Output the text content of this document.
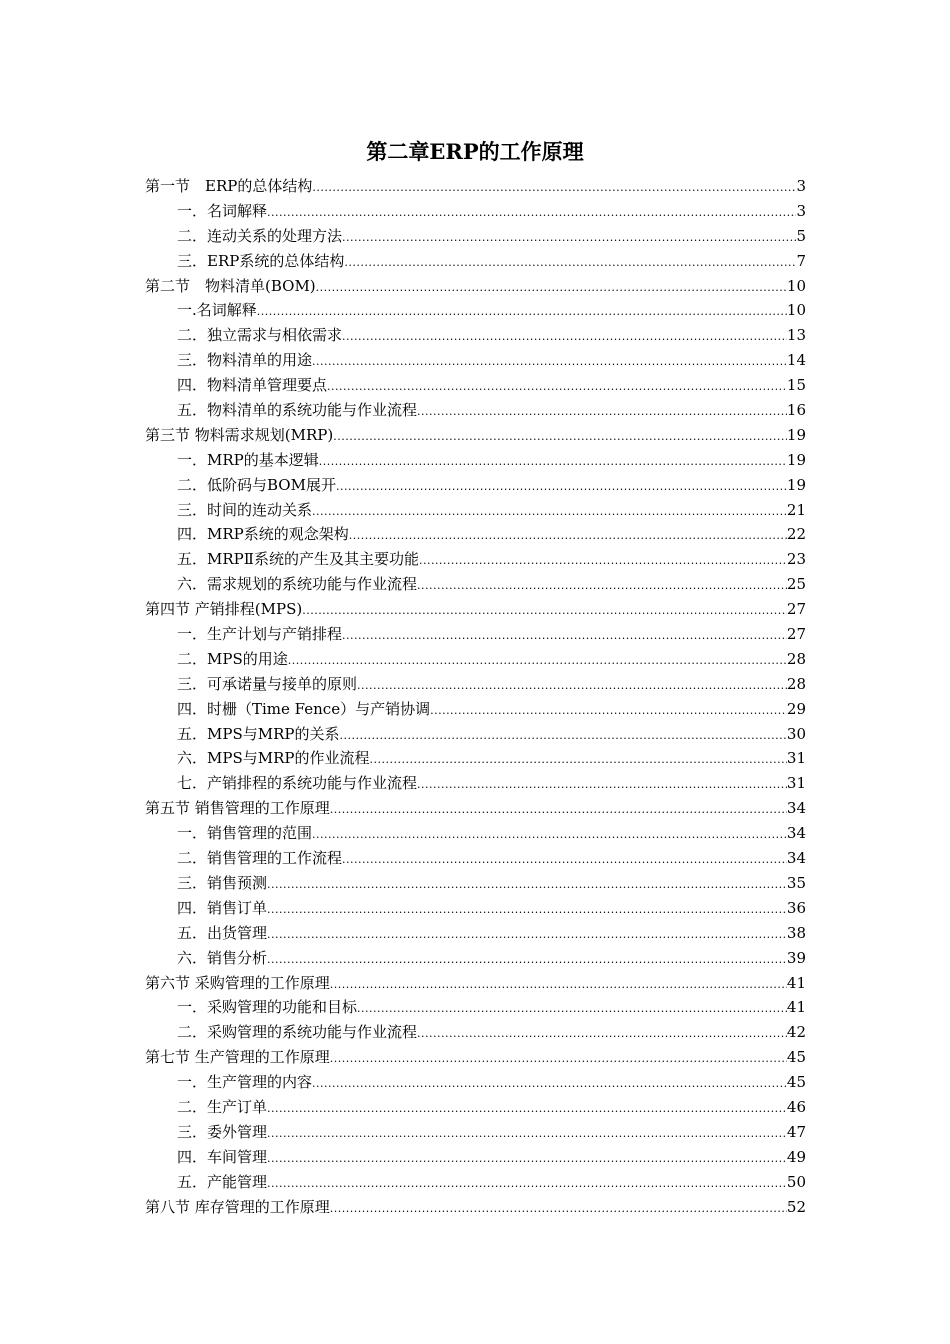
第二章ERP的工作原理
第一节　ERP的总体结构 .....	3
一．名词解释 .....	3
二．连动关系的处理方法 .....	5
三．ERP系统的总体结构 .....	7
第二节　物料清单(BOM) .....	10
一.名词解释 .....	10
二．独立需求与相依需求 .....	13
三．物料清单的用途 .....	14
四．物料清单管理要点 .....	15
五．物料清单的系统功能与作业流程 .....	16
第三节 物料需求规划(MRP) .....	19
一．MRP的基本逻辑 .....	19
二．低阶码与BOM展开 .....	19
三．时间的连动关系 .....	21
四．MRP系统的观念架构 .....	22
五．MRPⅡ系统的产生及其主要功能 .....	23
六．需求规划的系统功能与作业流程 .....	25
第四节 产销排程(MPS) .....	27
一．生产计划与产销排程 .....	27
二．MPS的用途 .....	28
三．可承诺量与接单的原则 .....	28
四．时栅（Time Fence）与产销协调 .....	29
五．MPS与MRP的关系 .....	30
六．MPS与MRP的作业流程 .....	31
七．产销排程的系统功能与作业流程 .....	31
第五节 销售管理的工作原理 .....	34
一．销售管理的范围 .....	34
二．销售管理的工作流程 .....	34
三．销售预测 .....	35
四．销售订单 .....	36
五．出货管理 .....	38
六．销售分析 .....	39
第六节 采购管理的工作原理 .....	41
一．采购管理的功能和目标 .....	41
二．采购管理的系统功能与作业流程 .....	42
第七节 生产管理的工作原理 .....	45
一．生产管理的内容 .....	45
二．生产订单 .....	46
三．委外管理 .....	47
四．车间管理 .....	49
五．产能管理 .....	50
第八节 库存管理的工作原理 .....	52
